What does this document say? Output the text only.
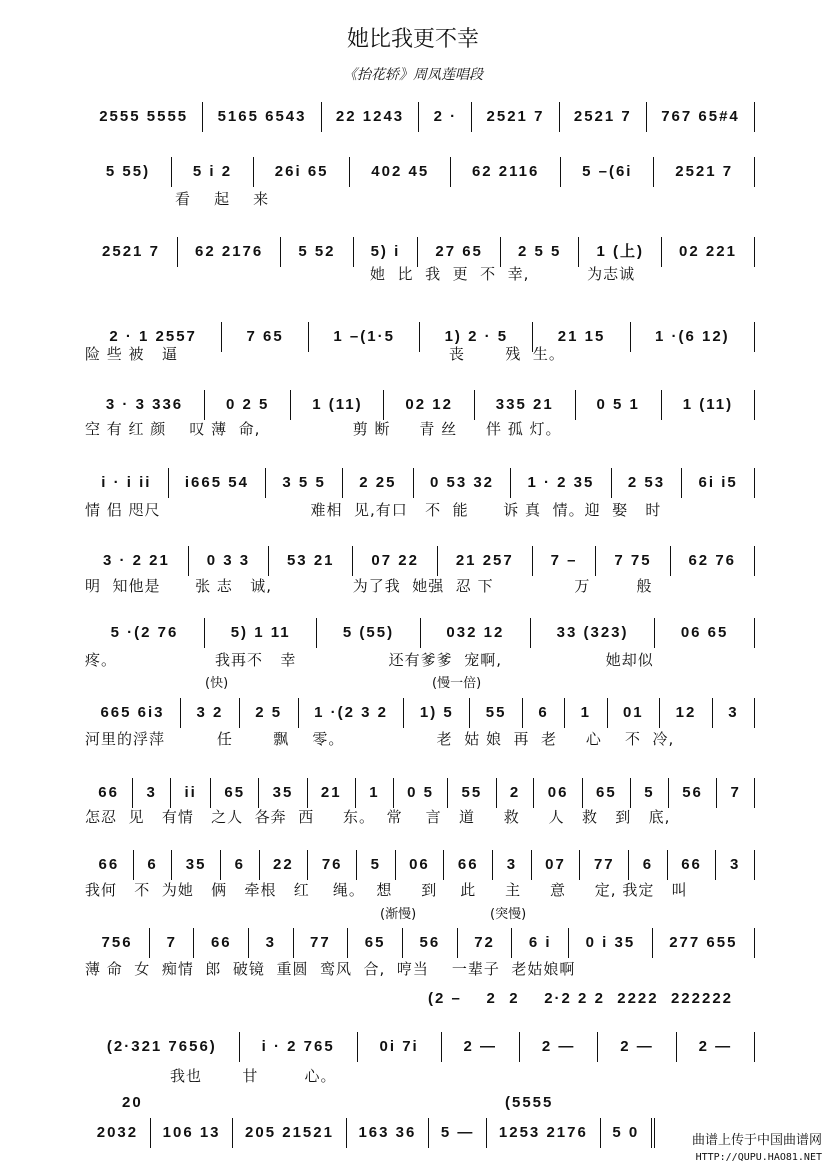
她比我更不幸
《抬花轿》周凤莲唱段
2555 5555	5165 6543	22 1243	2 ·	2521 7	2521 7	767 65#4
5 55)	5 i 2	26i 65	402 45	62 2116	5 –(6i	2521 7
看    起    来
2521 7	62 2176	5 52	5) i	27 65	2 5 5	1 (上)	02 221
她  比  我  更  不  幸,          为志诚
2 · 1 2557	7 65	1 –(1·5	1) 2 · 5	21 15	1 ·(6 12)
险 些 被   逼                                               丧       残  生。
3 · 3 336	0 2 5	1 (11)	02 12	335 21	0 5 1	1 (11)
空 有 红 颜    叹 薄  命,                剪 断     青 丝     伴 孤 灯。
i · i ii	i665 54	3 5 5	2 25	0 53 32	1 · 2 35	2 53	6i i5
情 侣 咫尺                          难相  见,有口   不  能      诉 真  情。迎  娶   时
3 · 2 21	0 3 3	53 21	07 22	21 257	7 –	7 75	62 76
明  知他是      张 志   诚,              为了我  她强  忍 下              万        般
5 ·(2 76	5) 1 11	5 (55)	032 12	33 (323)	06 65
疼。                 我再不   幸                还有爹爹  宠啊,                  她却似
665 6i3	3 2	2 5	1 ·(2 3 2	1) 5	55	6	1	01	12	3
河里的浮萍         任       飘    零。                老  姑 娘  再  老     心    不  冷,
66	3	ii	65	35	21	1	0 5	55	2	06	65	5	56	7
怎忍  见   有情   之人  各奔  西     东。  常    言   道     救     人   救   到   底,
66	6	35	6	22	76	5	06	66	3	07	77	6	66	3
我何   不  为她   俩   牵根   红    绳。  想     到    此     主     意     定, 我定   叫
756	7	66	3	77	65	56	72	6 i	0 i 35	277 655
薄 命  女  痴情  郎  破镜  重圆  鸾风  合,  哼当    一辈子  老姑娘啊
(2·321 7656)	i · 2 765	0i 7i	2 —	2 —	2 —	2 —
我也       甘        心。
2032	106 13	205 21521	163 36	5 —	1253 2176	5 0
(快)	(慢一倍)
(渐慢)	(突慢)
(2 –    2  2    2·2 2 2  2222  222222
20	(5555
曲谱上传于中国曲谱网
HTTP://QUPU.HAO81.NET
